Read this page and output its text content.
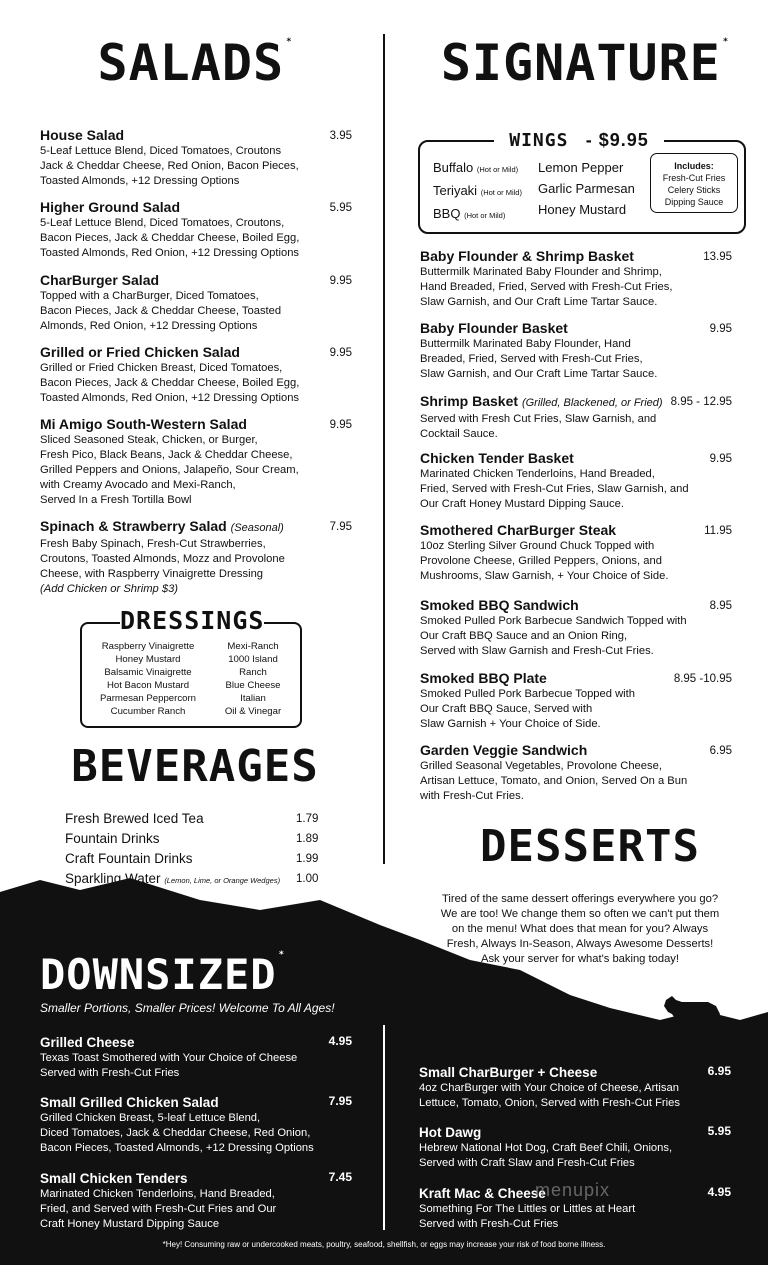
SALADS *
House Salad
5-Leaf Lettuce Blend, Diced Tomatoes, Croutons
Jack & Cheddar Cheese, Red Onion, Bacon Pieces,
Toasted Almonds, +12 Dressing Options
3.95
Higher Ground Salad
5-Leaf Lettuce Blend, Diced Tomatoes, Croutons,
Bacon Pieces, Jack & Cheddar Cheese, Boiled Egg,
Toasted Almonds, Red Onion, +12 Dressing Options
5.95
CharBurger Salad
Topped with a CharBurger, Diced Tomatoes,
Bacon Pieces, Jack & Cheddar Cheese, Toasted
Almonds, Red Onion, +12 Dressing Options
9.95
Grilled or Fried Chicken Salad
Grilled or Fried Chicken Breast, Diced Tomatoes,
Bacon Pieces, Jack & Cheddar Cheese, Boiled Egg,
Toasted Almonds, Red Onion, +12 Dressing Options
9.95
Mi Amigo South-Western Salad
Sliced Seasoned Steak, Chicken, or Burger,
Fresh Pico, Black Beans, Jack & Cheddar Cheese,
Grilled Peppers and Onions, Jalapeño, Sour Cream,
with Creamy Avocado and Mexi-Ranch,
Served In a Fresh Tortilla Bowl
9.95
Spinach & Strawberry Salad (Seasonal)
Fresh Baby Spinach, Fresh-Cut Strawberries,
Croutons, Toasted Almonds, Mozz and Provolone
Cheese, with Raspberry Vinaigrette Dressing
(Add Chicken or Shrimp $3)
7.95
DRESSINGS
Raspberry Vinaigrette
Honey Mustard
Balsamic Vinaigrette
Hot Bacon Mustard
Parmesan Peppercorn
Cucumber Ranch
Mexi-Ranch
1000 Island
Ranch
Blue Cheese
Italian
Oil & Vinegar
BEVERAGES
Fresh Brewed Iced Tea	1.79
Fountain Drinks	1.89
Craft Fountain Drinks	1.99
Sparkling Water (Lemon, Lime, or Orange Wedges) 1.00
SIGNATURE *
WINGS - $9.95
Buffalo (Hot or Mild)
Teriyaki (Hot or Mild)
BBQ (Hot or Mild)
Lemon Pepper
Garlic Parmesan
Honey Mustard
Includes:
Fresh-Cut Fries
Celery Sticks
Dipping Sauce
Baby Flounder & Shrimp Basket
Buttermilk Marinated Baby Flounder and Shrimp,
Hand Breaded, Fried, Served with Fresh-Cut Fries,
Slaw Garnish, and Our Craft Lime Tartar Sauce.
13.95
Baby Flounder Basket
Buttermilk Marinated Baby Flounder, Hand
Breaded, Fried, Served with Fresh-Cut Fries,
Slaw Garnish, and Our Craft Lime Tartar Sauce.
9.95
Shrimp Basket (Grilled, Blackened, or Fried)
Served with Fresh Cut Fries, Slaw Garnish, and
Cocktail Sauce.
8.95 - 12.95
Chicken Tender Basket
Marinated Chicken Tenderloins, Hand Breaded,
Fried, Served with Fresh-Cut Fries, Slaw Garnish, and
Our Craft Honey Mustard Dipping Sauce.
9.95
Smothered CharBurger Steak
10oz Sterling Silver Ground Chuck Topped with
Provolone Cheese, Grilled Peppers, Onions, and
Mushrooms, Slaw Garnish, + Your Choice of Side.
11.95
Smoked BBQ Sandwich
Smoked Pulled Pork Barbecue Sandwich Topped with
Our Craft BBQ Sauce and an Onion Ring,
Served with Slaw Garnish and Fresh-Cut Fries.
8.95
Smoked BBQ Plate
Smoked Pulled Pork Barbecue Topped with
Our Craft BBQ Sauce, Served with
Slaw Garnish + Your Choice of Side.
8.95 -10.95
Garden Veggie Sandwich
Grilled Seasonal Vegetables, Provolone Cheese,
Artisan Lettuce, Tomato, and Onion, Served On a Bun
with Fresh-Cut Fries.
6.95
DESSERTS
Tired of the same dessert offerings everywhere you go?
We are too! We change them so often we can't put them
on the menu! What does that mean for you? Always
Fresh, Always In-Season, Always Awesome Desserts!
Ask your server for what's baking today!
DOWNSIZED *
Smaller Portions, Smaller Prices! Welcome To All Ages!
Grilled Cheese
Texas Toast Smothered with Your Choice of Cheese
Served with Fresh-Cut Fries
4.95
Small Grilled Chicken Salad
Grilled Chicken Breast, 5-leaf Lettuce Blend,
Diced Tomatoes, Jack & Cheddar Cheese, Red Onion,
Bacon Pieces, Toasted Almonds, +12 Dressing Options
7.95
Small Chicken Tenders
Marinated Chicken Tenderloins, Hand Breaded,
Fried, and Served with Fresh-Cut Fries and Our
Craft Honey Mustard Dipping Sauce
7.45
Small CharBurger + Cheese
4oz CharBurger with Your Choice of Cheese, Artisan
Lettuce, Tomato, Onion, Served with Fresh-Cut Fries
6.95
Hot Dawg
Hebrew National Hot Dog, Craft Beef Chili, Onions,
Served with Craft Slaw and Fresh-Cut Fries
5.95
Kraft Mac & Cheese
Something For The Littles or Littles at Heart
Served with Fresh-Cut Fries
4.95
menupix
*Hey! Consuming raw or undercooked meats, poultry, seafood, shellfish, or eggs may increase your risk of food borne illness.
